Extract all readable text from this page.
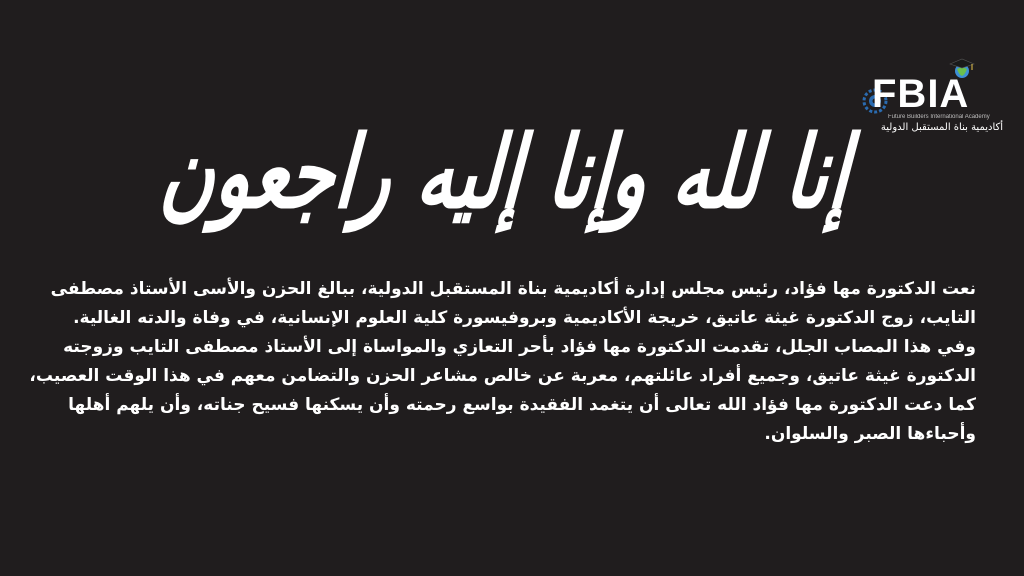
إنا لله وإنا إليه راجعون
FBIA
Future Builders International Academy
أكاديمية بناة المستقبل الدولية

نعت الدكتورة مها فؤاد، رئيس مجلس إدارة أكاديمية بناة المستقبل الدولية، ببالغ الحزن والأسى الأستاذ مصطفى التايب، زوج الدكتورة غيثة عاتيق، خريجة الأكاديمية وبروفيسورة كلية العلوم الإنسانية، في وفاة والدته الغالية.

وفي هذا المصاب الجلل، تقدمت الدكتورة مها فؤاد بأحر التعازي والمواساة إلى الأستاذ مصطفى التايب وزوجته الدكتورة غيثة عاتيق، وجميع أفراد عائلتهم، معربة عن خالص مشاعر الحزن والتضامن معهم في هذا الوقت العصيب، كما دعت الدكتورة مها فؤاد الله تعالى أن يتغمد الفقيدة بواسع رحمته وأن يسكنها فسيح جناته، وأن يلهم أهلها وأحباءها الصبر والسلوان.
